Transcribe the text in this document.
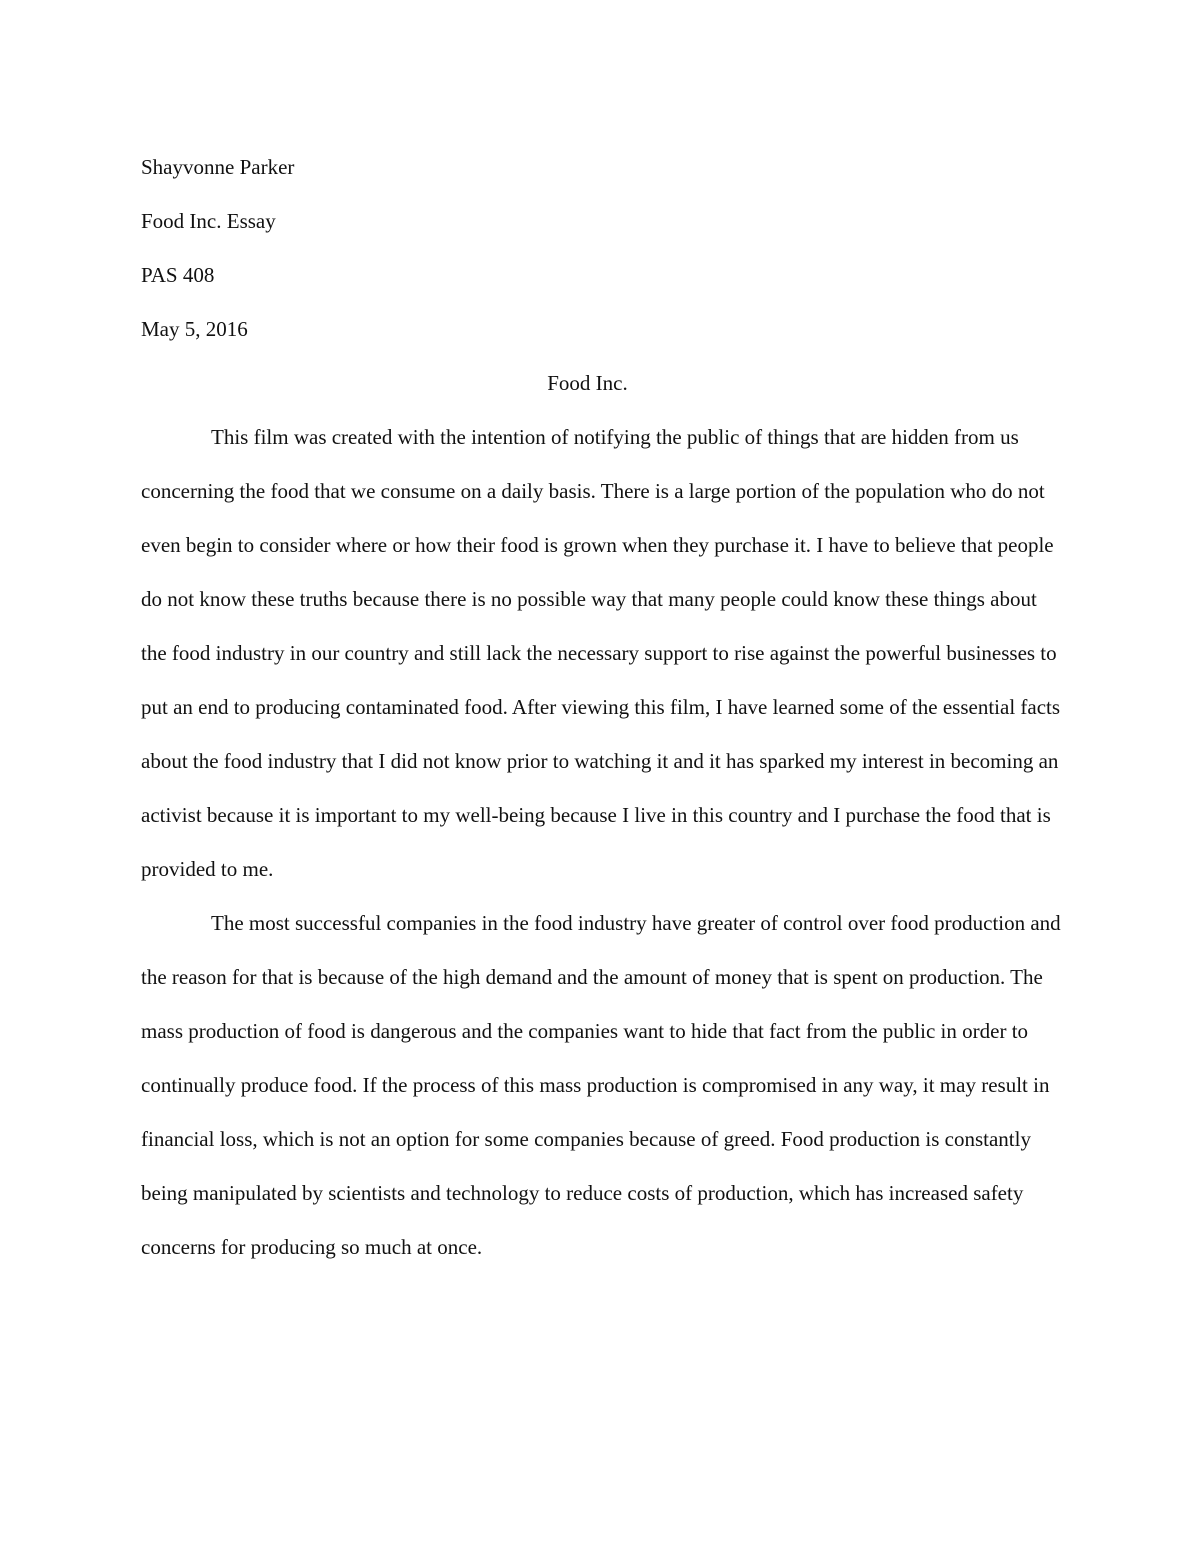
Shayvonne Parker

Food Inc. Essay

PAS 408

May 5, 2016

Food Inc.

This film was created with the intention of notifying the public of things that are hidden from us concerning the food that we consume on a daily basis. There is a large portion of the population who do not even begin to consider where or how their food is grown when they purchase it. I have to believe that people do not know these truths because there is no possible way that many people could know these things about the food industry in our country and still lack the necessary support to rise against the powerful businesses to put an end to producing contaminated food. After viewing this film, I have learned some of the essential facts about the food industry that I did not know prior to watching it and it has sparked my interest in becoming an activist because it is important to my well-being because I live in this country and I purchase the food that is provided to me.

The most successful companies in the food industry have greater of control over food production and the reason for that is because of the high demand and the amount of money that is spent on production. The mass production of food is dangerous and the companies want to hide that fact from the public in order to continually produce food. If the process of this mass production is compromised in any way, it may result in financial loss, which is not an option for some companies because of greed. Food production is constantly being manipulated by scientists and technology to reduce costs of production, which has increased safety concerns for producing so much at once.
